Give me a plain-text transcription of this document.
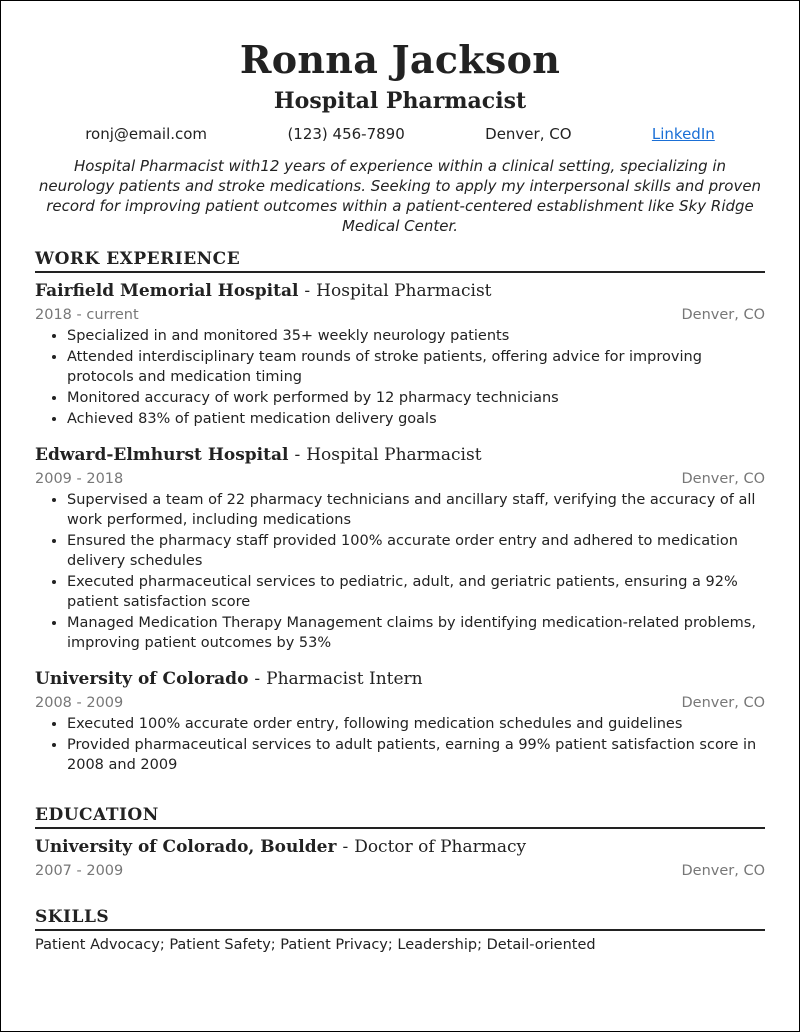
Ronna Jackson
Hospital Pharmacist
ronj@email.com	(123) 456-7890	Denver, CO	LinkedIn
Hospital Pharmacist with12 years of experience within a clinical setting, specializing in neurology patients and stroke medications. Seeking to apply my interpersonal skills and proven record for improving patient outcomes within a patient-centered establishment like Sky Ridge Medical Center.
WORK EXPERIENCE
Fairfield Memorial Hospital - Hospital Pharmacist
2018 - current	Denver, CO
• Specialized in and monitored 35+ weekly neurology patients
• Attended interdisciplinary team rounds of stroke patients, offering advice for improving protocols and medication timing
• Monitored accuracy of work performed by 12 pharmacy technicians
• Achieved 83% of patient medication delivery goals
Edward-Elmhurst Hospital - Hospital Pharmacist
2009 - 2018	Denver, CO
• Supervised a team of 22 pharmacy technicians and ancillary staff, verifying the accuracy of all work performed, including medications
• Ensured the pharmacy staff provided 100% accurate order entry and adhered to medication delivery schedules
• Executed pharmaceutical services to pediatric, adult, and geriatric patients, ensuring a 92% patient satisfaction score
• Managed Medication Therapy Management claims by identifying medication-related problems, improving patient outcomes by 53%
University of Colorado - Pharmacist Intern
2008 - 2009	Denver, CO
• Executed 100% accurate order entry, following medication schedules and guidelines
• Provided pharmaceutical services to adult patients, earning a 99% patient satisfaction score in 2008 and 2009
EDUCATION
University of Colorado, Boulder - Doctor of Pharmacy
2007 - 2009	Denver, CO
SKILLS
Patient Advocacy; Patient Safety; Patient Privacy; Leadership; Detail-oriented
